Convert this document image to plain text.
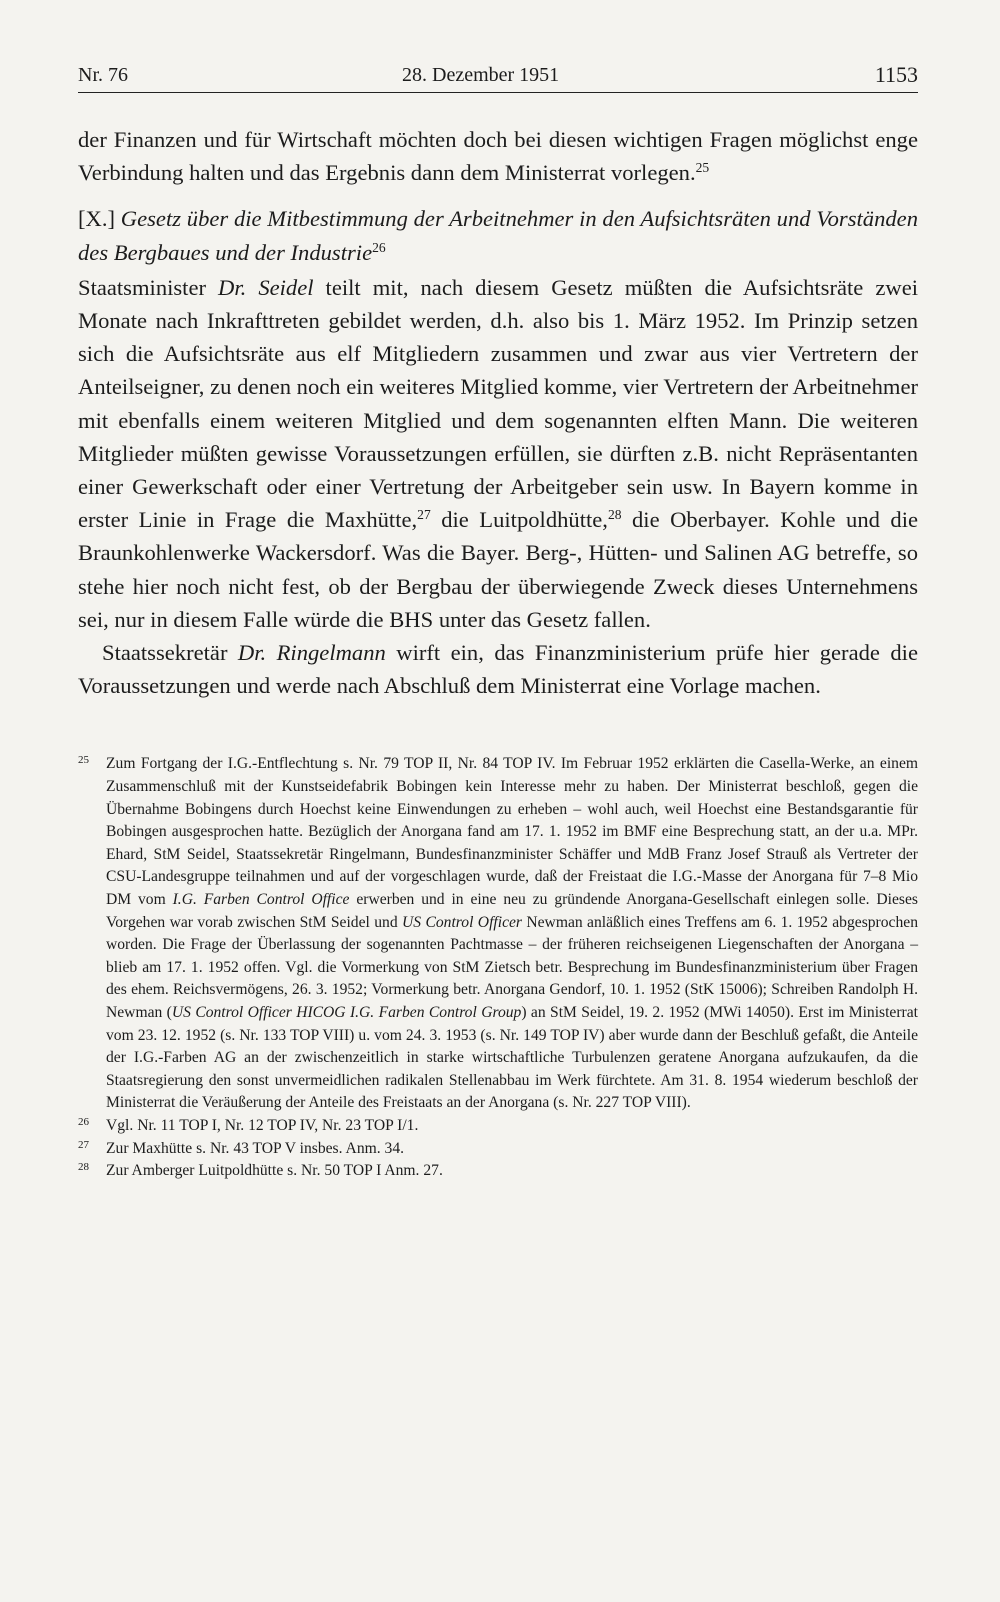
Nr. 76	28. Dezember 1951	1153

der Finanzen und für Wirtschaft möchten doch bei diesen wichtigen Fragen möglichst enge Verbindung halten und das Ergebnis dann dem Ministerrat vorlegen.$^{25}$

[X.] Gesetz über die Mitbestimmung der Arbeitnehmer in den Aufsichtsräten und Vorständen des Bergbaues und der Industrie$^{26}$

Staatsminister Dr. Seidel teilt mit, nach diesem Gesetz müßten die Aufsichtsräte zwei Monate nach Inkrafttreten gebildet werden, d.h. also bis 1. März 1952. Im Prinzip setzen sich die Aufsichtsräte aus elf Mitgliedern zusammen und zwar aus vier Vertretern der Anteilseigner, zu denen noch ein weiteres Mitglied komme, vier Vertretern der Arbeitnehmer mit ebenfalls einem weiteren Mitglied und dem sogenannten elften Mann. Die weiteren Mitglieder müßten gewisse Voraussetzungen erfüllen, sie dürften z.B. nicht Repräsentanten einer Gewerkschaft oder einer Vertretung der Arbeitgeber sein usw. In Bayern komme in erster Linie in Frage die Maxhütte,$^{27}$ die Luitpoldhütte,$^{28}$ die Oberbayer. Kohle und die Braunkohlenwerke Wackersdorf. Was die Bayer. Berg-, Hütten- und Salinen AG betreffe, so stehe hier noch nicht fest, ob der Bergbau der überwiegende Zweck dieses Unternehmens sei, nur in diesem Falle würde die BHS unter das Gesetz fallen.

Staatssekretär Dr. Ringelmann wirft ein, das Finanzministerium prüfe hier gerade die Voraussetzungen und werde nach Abschluß dem Ministerrat eine Vorlage machen.

25 Zum Fortgang der I.G.-Entflechtung s. Nr. 79 TOP II, Nr. 84 TOP IV. Im Februar 1952 erklärten die Casella-Werke, an einem Zusammenschluß mit der Kunstseidefabrik Bobingen kein Interesse mehr zu haben. Der Ministerrat beschloß, gegen die Übernahme Bobingens durch Hoechst keine Einwendungen zu erheben – wohl auch, weil Hoechst eine Bestandsgarantie für Bobingen ausgesprochen hatte. Bezüglich der Anorgana fand am 17. 1. 1952 im BMF eine Besprechung statt, an der u.a. MPr. Ehard, StM Seidel, Staatssekretär Ringelmann, Bundesfinanzminister Schäffer und MdB Franz Josef Strauß als Vertreter der CSU-Landesgruppe teilnahmen und auf der vorgeschlagen wurde, daß der Freistaat die I.G.-Masse der Anorgana für 7–8 Mio DM vom I.G. Farben Control Office erwerben und in eine neu zu gründende Anorgana-Gesellschaft einlegen solle. Dieses Vorgehen war vorab zwischen StM Seidel und US Control Officer Newman anläßlich eines Treffens am 6. 1. 1952 abgesprochen worden. Die Frage der Überlassung der sogenannten Pachtmasse – der früheren reichseigenen Liegenschaften der Anorgana – blieb am 17. 1. 1952 offen. Vgl. die Vormerkung von StM Zietsch betr. Besprechung im Bundesfinanzministerium über Fragen des ehem. Reichsvermögens, 26. 3. 1952; Vormerkung betr. Anorgana Gendorf, 10. 1. 1952 (StK 15006); Schreiben Randolph H. Newman (US Control Officer HICOG I.G. Farben Control Group) an StM Seidel, 19. 2. 1952 (MWi 14050). Erst im Ministerrat vom 23. 12. 1952 (s. Nr. 133 TOP VIII) u. vom 24. 3. 1953 (s. Nr. 149 TOP IV) aber wurde dann der Beschluß gefaßt, die Anteile der I.G.-Farben AG an der zwischenzeitlich in starke wirtschaftliche Turbulenzen geratene Anorgana aufzukaufen, da die Staatsregierung den sonst unvermeidlichen radikalen Stellenabbau im Werk fürchtete. Am 31. 8. 1954 wiederum beschloß der Ministerrat die Veräußerung der Anteile des Freistaats an der Anorgana (s. Nr. 227 TOP VIII).
26 Vgl. Nr. 11 TOP I, Nr. 12 TOP IV, Nr. 23 TOP I/1.
27 Zur Maxhütte s. Nr. 43 TOP V insbes. Anm. 34.
28 Zur Amberger Luitpoldhütte s. Nr. 50 TOP I Anm. 27.
